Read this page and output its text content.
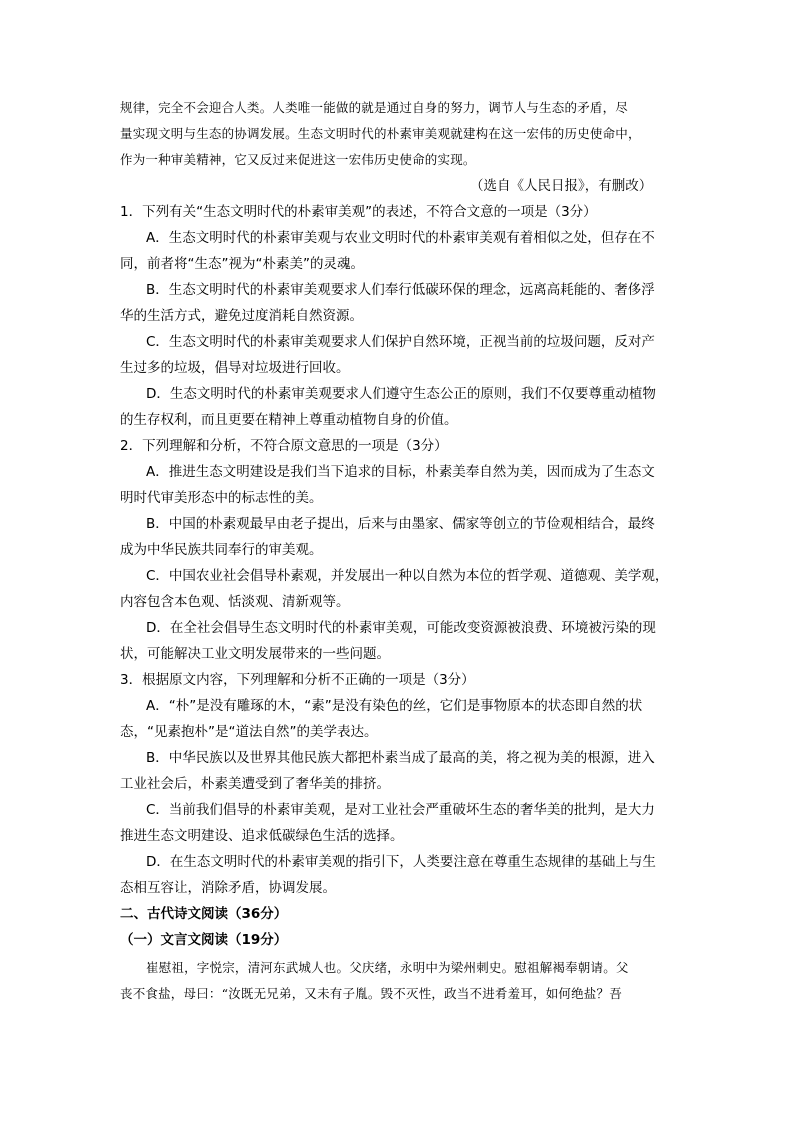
规律，完全不会迎合人类。人类唯一能做的就是通过自身的努力，调节人与生态的矛盾，尽
量实现文明与生态的协调发展。生态文明时代的朴素审美观就建构在这一宏伟的历史使命中，
作为一种审美精神，它又反过来促进这一宏伟历史使命的实现。
（选自《人民日报》，有删改）
1．下列有关“生态文明时代的朴素审美观”的表述，不符合文意的一项是（3分）
A．生态文明时代的朴素审美观与农业文明时代的朴素审美观有着相似之处，但存在不
同，前者将“生态”视为“朴素美”的灵魂。
B．生态文明时代的朴素审美观要求人们奉行低碳环保的理念，远离高耗能的、奢侈浮
华的生活方式，避免过度消耗自然资源。
C．生态文明时代的朴素审美观要求人们保护自然环境，正视当前的垃圾问题，反对产
生过多的垃圾，倡导对垃圾进行回收。
D．生态文明时代的朴素审美观要求人们遵守生态公正的原则，我们不仅要尊重动植物
的生存权利，而且更要在精神上尊重动植物自身的价值。
2．下列理解和分析，不符合原文意思的一项是（3分）
A．推进生态文明建设是我们当下追求的目标，朴素美奉自然为美，因而成为了生态文
明时代审美形态中的标志性的美。
B．中国的朴素观最早由老子提出，后来与由墨家、儒家等创立的节俭观相结合，最终
成为中华民族共同奉行的审美观。
C．中国农业社会倡导朴素观，并发展出一种以自然为本位的哲学观、道德观、美学观，
内容包含本色观、恬淡观、清新观等。
D．在全社会倡导生态文明时代的朴素审美观，可能改变资源被浪费、环境被污染的现
状，可能解决工业文明发展带来的一些问题。
3．根据原文内容，下列理解和分析不正确的一项是（3分）
A．“朴”是没有雕琢的木，“素”是没有染色的丝，它们是事物原本的状态即自然的状
态，“见素抱朴”是“道法自然”的美学表达。
B．中华民族以及世界其他民族大都把朴素当成了最高的美，将之视为美的根源，进入
工业社会后，朴素美遭受到了奢华美的排挤。
C．当前我们倡导的朴素审美观，是对工业社会严重破坏生态的奢华美的批判，是大力
推进生态文明建设、追求低碳绿色生活的选择。
D．在生态文明时代的朴素审美观的指引下，人类要注意在尊重生态规律的基础上与生
态相互容让，消除矛盾，协调发展。
二、古代诗文阅读（36分）
（一）文言文阅读（19分）
崔慰祖，字悦宗，清河东武城人也。父庆绪，永明中为梁州刺史。慰祖解褐奉朝请。父
丧不食盐，母曰：“汝既无兄弟，又未有子胤。毁不灭性，政当不进肴羞耳，如何绝盐？吾
